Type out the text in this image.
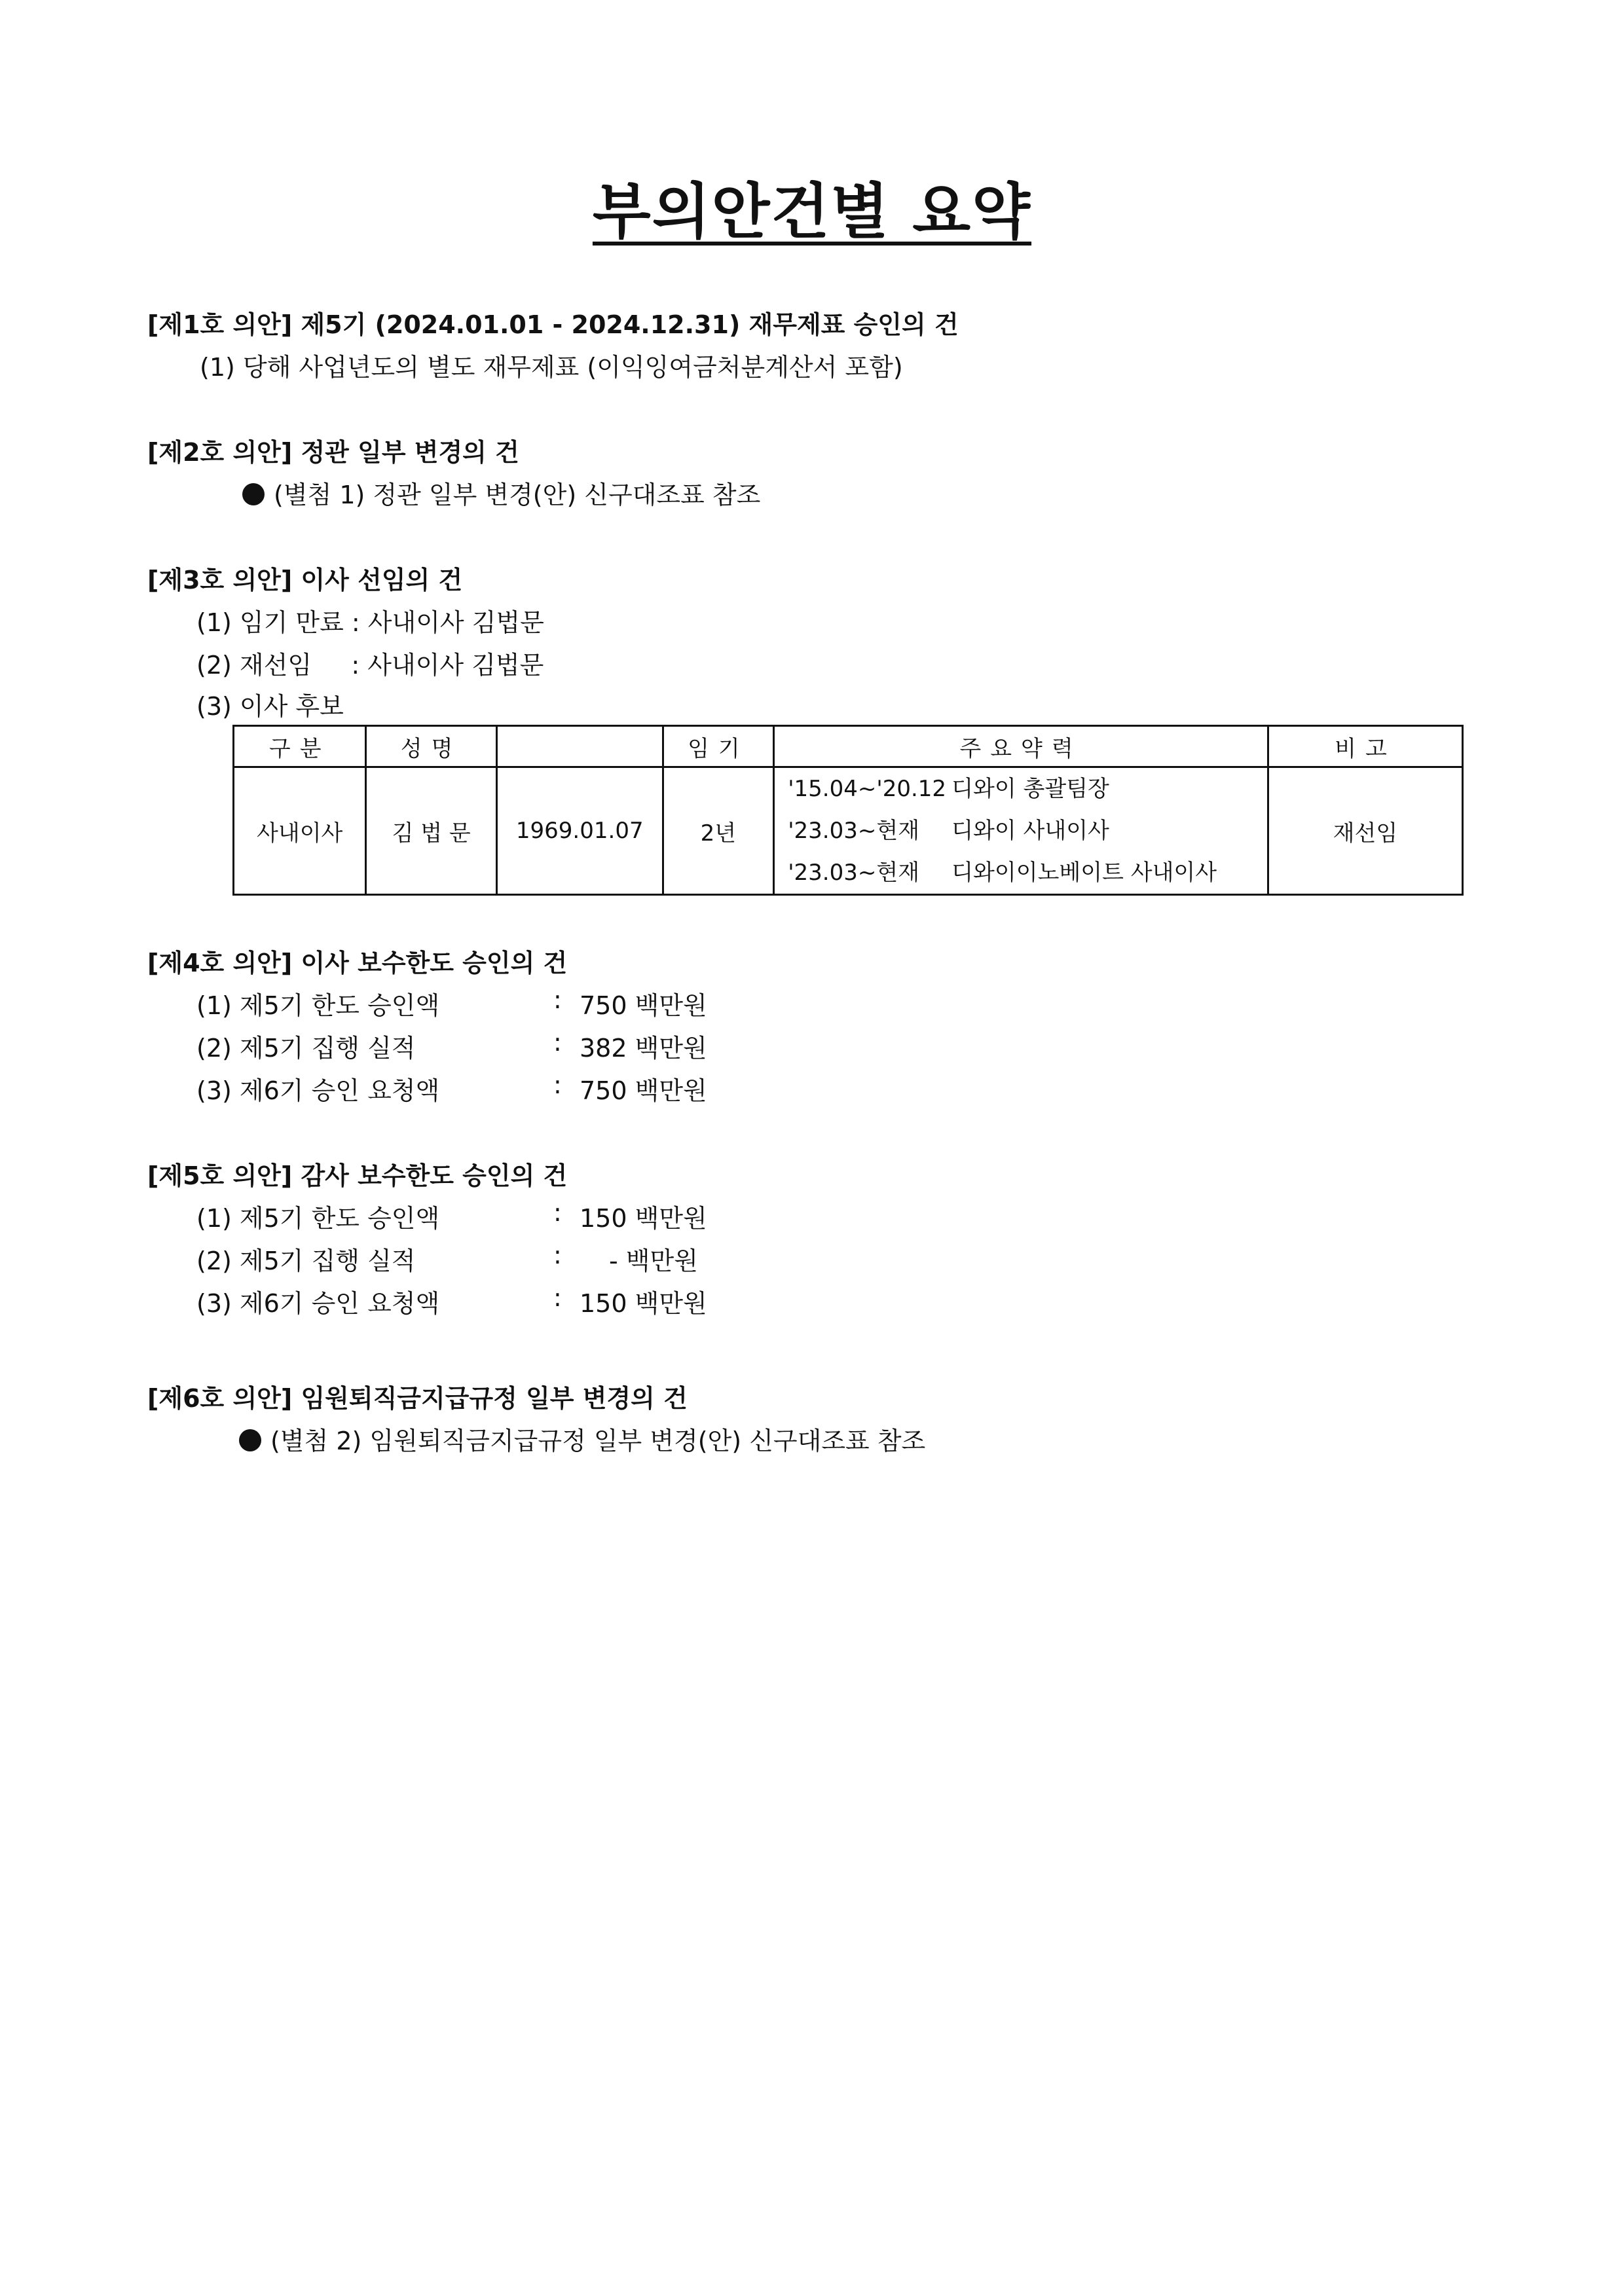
부의안건별 요약
[제1호 의안] 제5기 (2024.01.01 - 2024.12.31) 재무제표 승인의 건
(1) 당해 사업년도의 별도 재무제표 (이익잉여금처분계산서 포함)
[제2호 의안] 정관 일부 변경의 건
(별첨 1) 정관 일부 변경(안) 신구대조표 참조
[제3호 의안] 이사 선임의 건
(1) 임기 만료 : 사내이사 김법문
(2) 재선임     : 사내이사 김법문
(3) 이사 후보
구분	성명		임기	주요약력	비고
사내이사	김 법 문	1969.01.07	2년	'15.04~'20.12 디와이 총괄팀장
'23.03~현재 디와이 사내이사
'23.03~현재 디와이이노베이트 사내이사	재선임
[제4호 의안] 이사 보수한도 승인의 건
(1) 제5기 한도 승인액	: 750 백만원
(2) 제5기 집행 실적	: 382 백만원
(3) 제6기 승인 요청액	: 750 백만원
[제5호 의안] 감사 보수한도 승인의 건
(1) 제5기 한도 승인액	: 150 백만원
(2) 제5기 집행 실적	: - 백만원
(3) 제6기 승인 요청액	: 150 백만원
[제6호 의안] 임원퇴직금지급규정 일부 변경의 건
(별첨 2) 임원퇴직금지급규정 일부 변경(안) 신구대조표 참조
